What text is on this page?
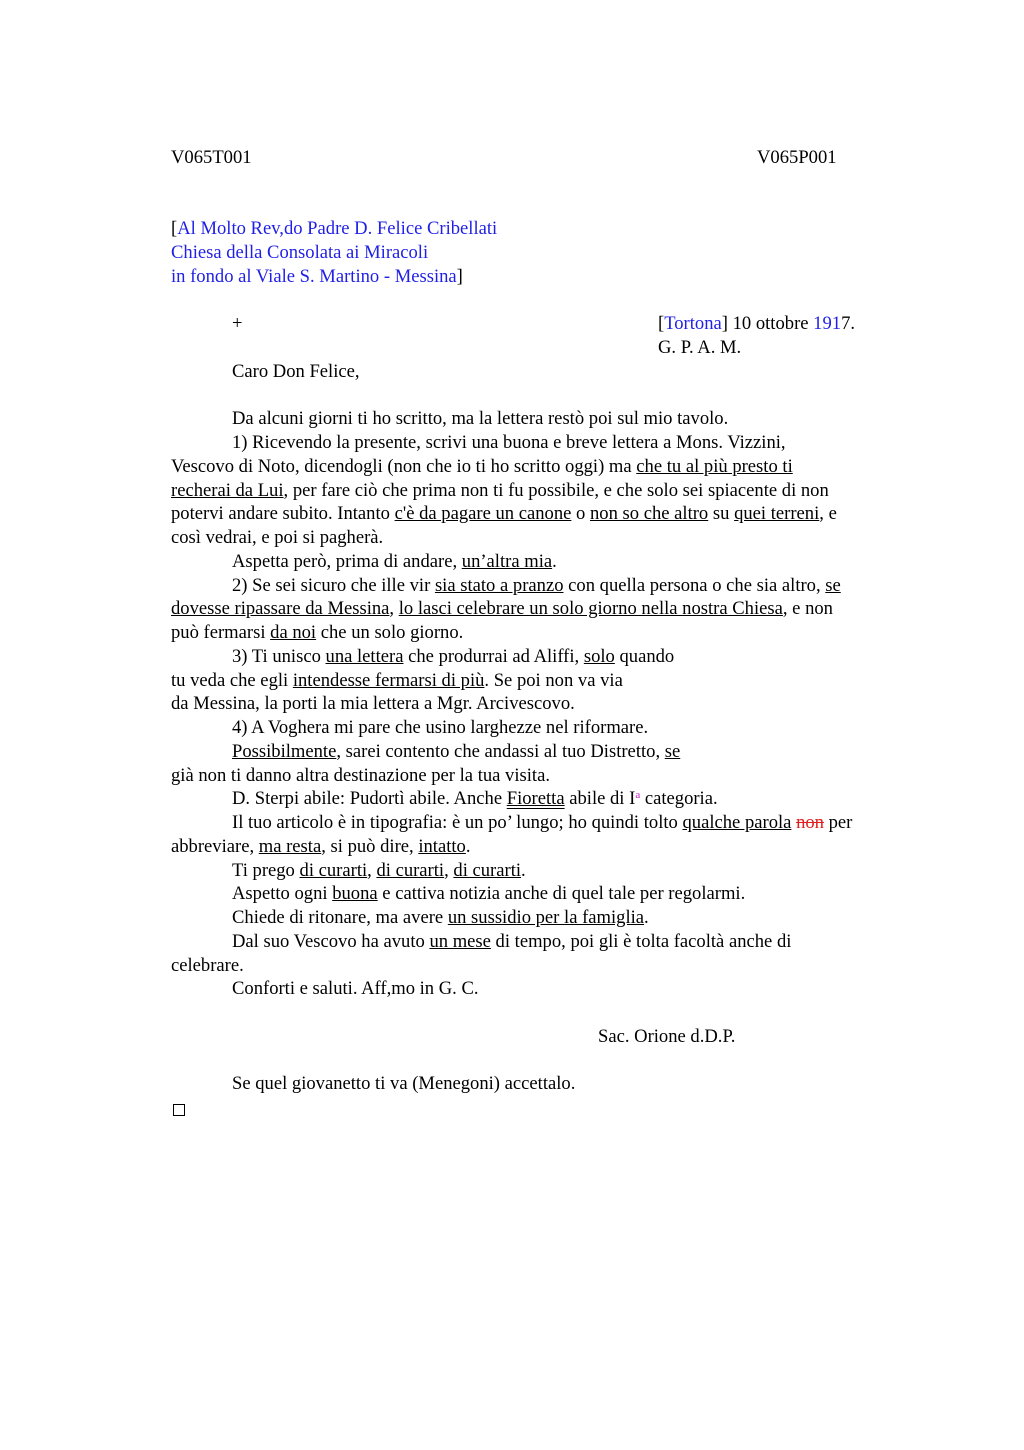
V065T001	V065P001
[Al Molto Rev,do Padre D. Felice Cribellati
Chiesa della Consolata ai Miracoli
in fondo al Viale S. Martino - Messina]
+	[Tortona] 10 ottobre 1917.
G. P. A. M.
Caro Don Felice,
Da alcuni giorni ti ho scritto, ma la lettera restò poi sul mio tavolo.
1) Ricevendo la presente, scrivi una buona e breve lettera a Mons. Vizzini,
Vescovo di Noto, dicendogli (non che io ti ho scritto oggi) ma che tu al più presto ti
recherai da Lui, per fare ciò che prima non ti fu possibile, e che solo sei spiacente di non
potervi andare subito. Intanto c'è da pagare un canone o non so che altro su quei terreni, e
così vedrai, e poi si pagherà.
Aspetta però, prima di andare, un’altra mia.
2) Se sei sicuro che ille vir sia stato a pranzo con quella persona o che sia altro, se
dovesse ripassare da Messina, lo lasci celebrare un solo giorno nella nostra Chiesa, e non
può fermarsi da noi che un solo giorno.
3) Ti unisco una lettera che produrrai ad Aliffi, solo quando
tu veda che egli intendesse fermarsi di più. Se poi non va via
da Messina, la porti la mia lettera a Mgr. Arcivescovo.
4) A Voghera mi pare che usino larghezze nel riformare.
Possibilmente, sarei contento che andassi al tuo Distretto, se
già non ti danno altra destinazione per la tua visita.
D. Sterpi abile: Pudortì abile. Anche Fioretta abile di $I^a$ categoria.
Il tuo articolo è in tipografia: è un po’ lungo; ho quindi tolto qualche parola non per
abbreviare, ma resta, si può dire, intatto.
Ti prego di curarti, di curarti, di curarti.
Aspetto ogni buona e cattiva notizia anche di quel tale per regolarmi.
Chiede di ritonare, ma avere un sussidio per la famiglia.
Dal suo Vescovo ha avuto un mese di tempo, poi gli è tolta facoltà anche di
celebrare.
Conforti e saluti. Aff,mo in G. C.
Sac. Orione d.D.P.
Se quel giovanetto ti va (Menegoni) accettalo.
